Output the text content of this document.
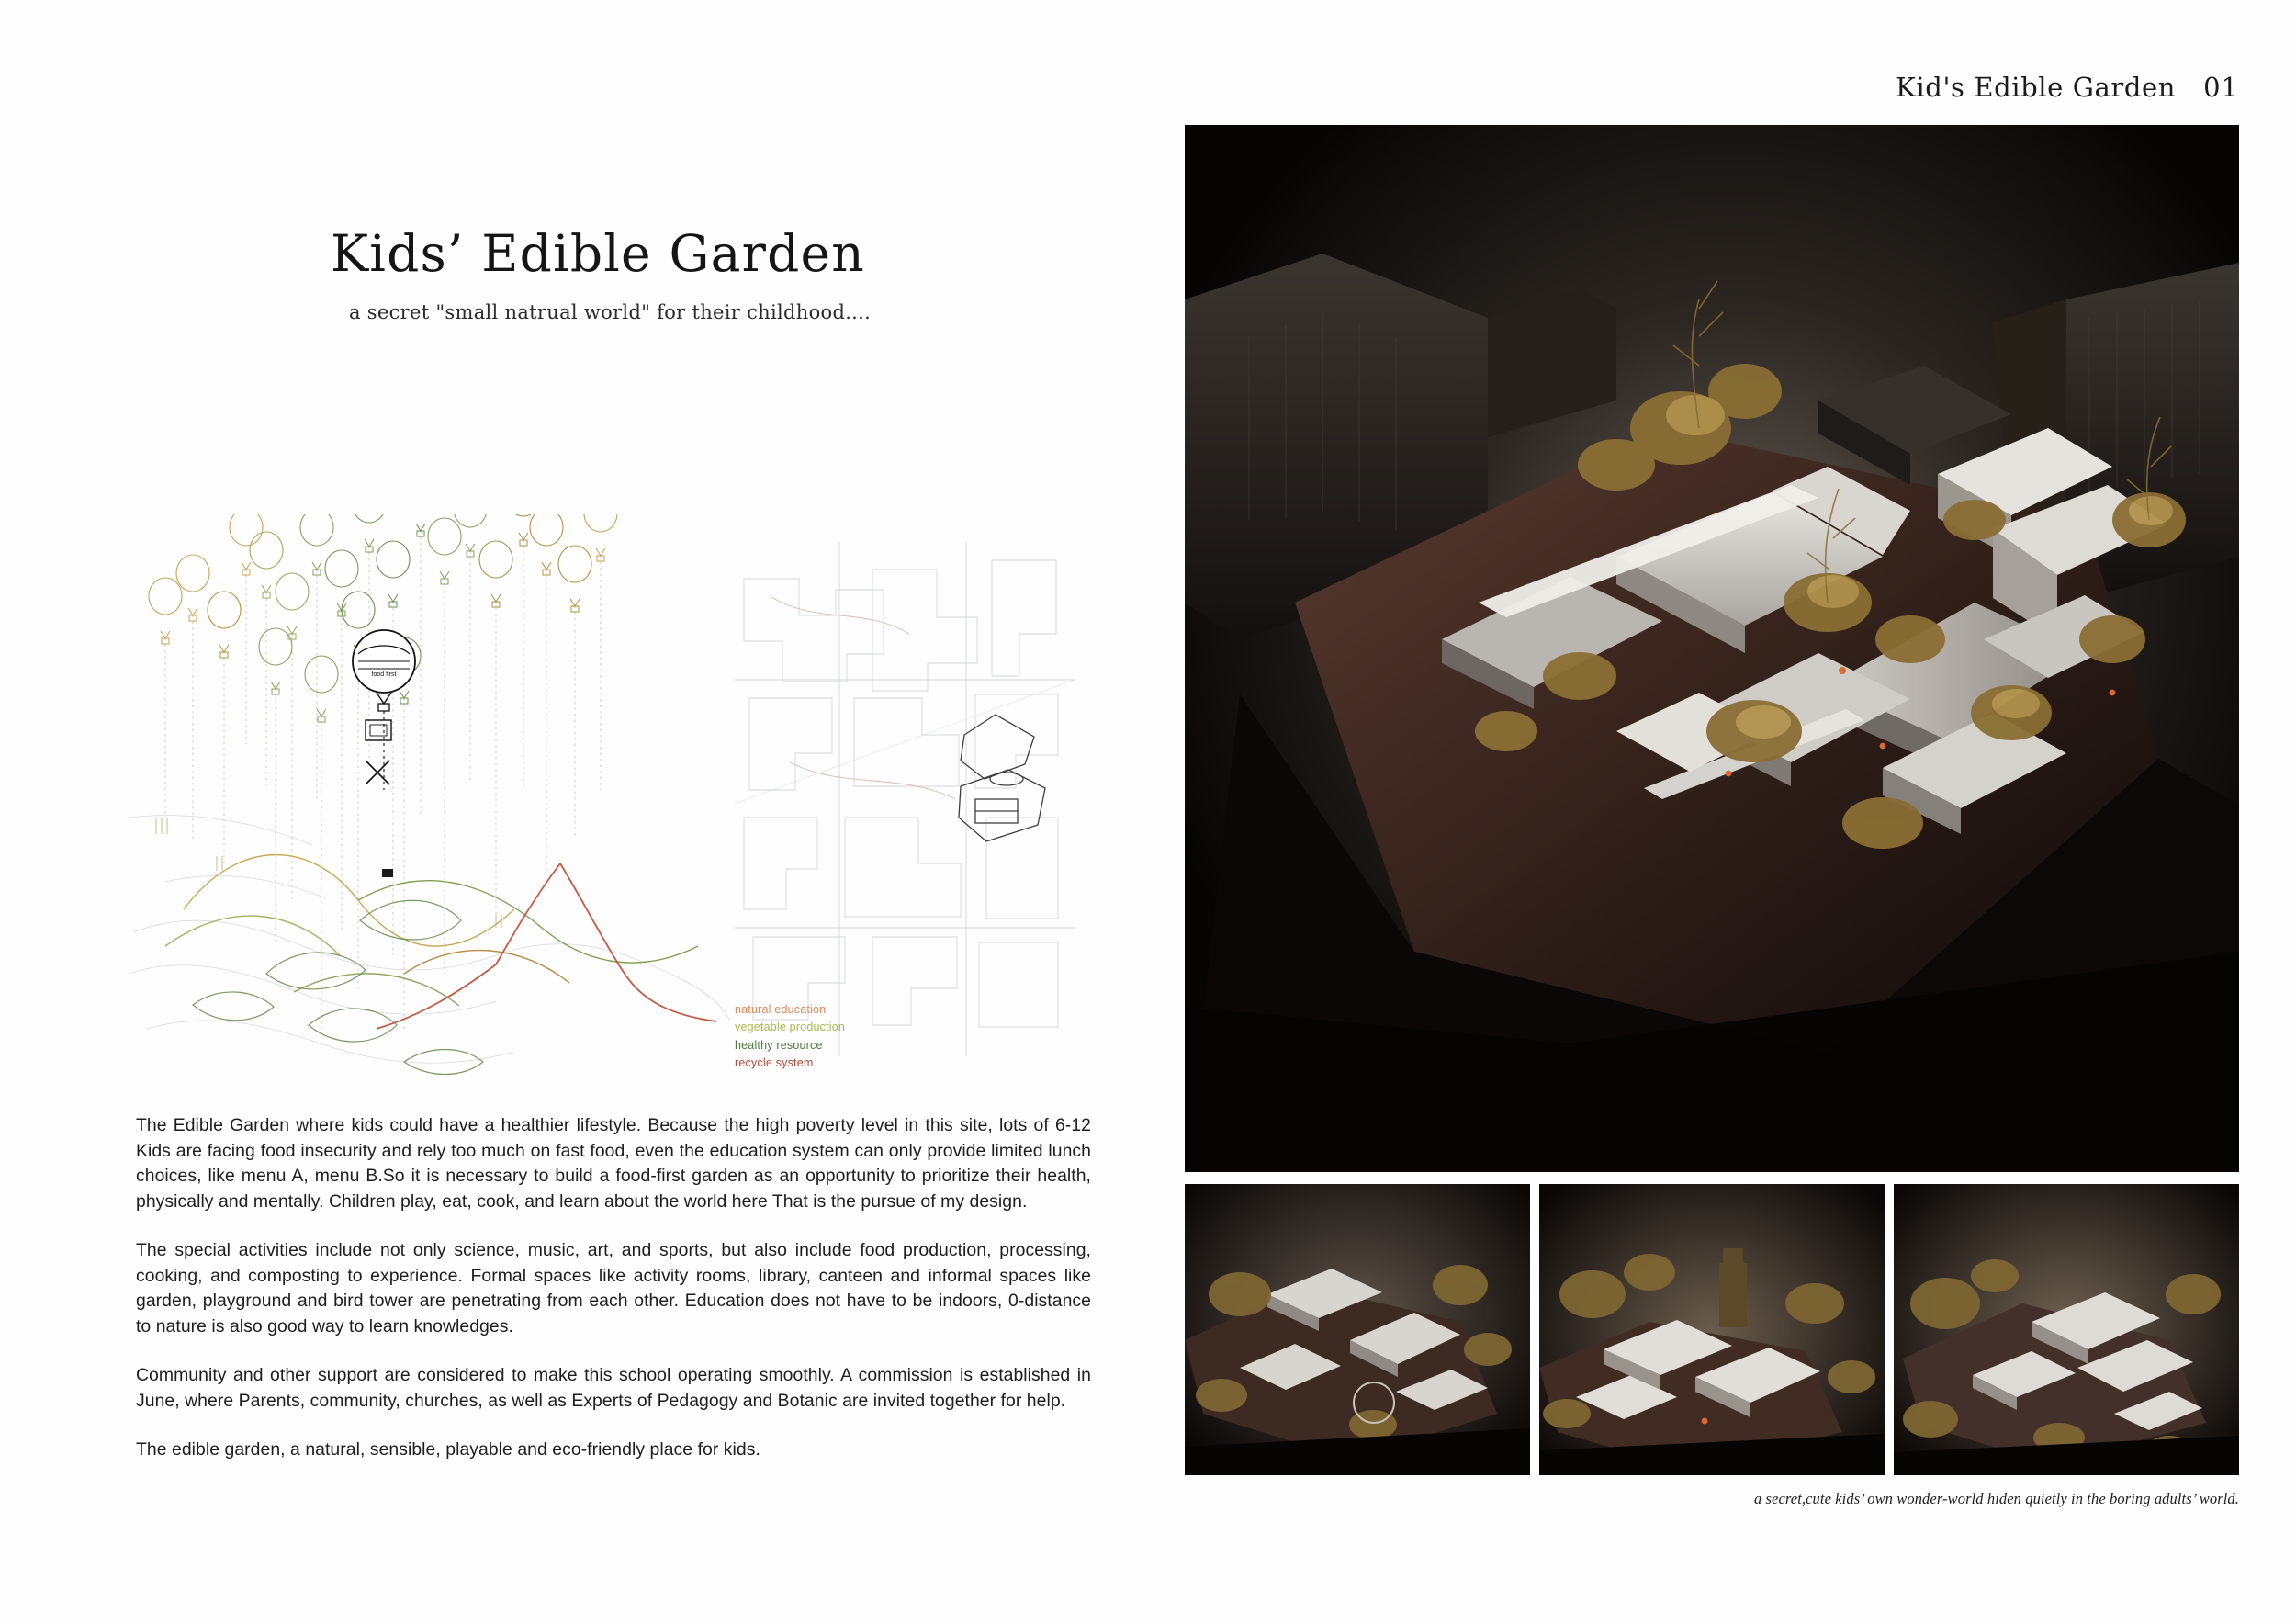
Kid's Edible Garden 01
Kids’ Edible Garden
a secret "small natrual world" for their childhood....
food first
natural education
vegetable production
healthy resource
recycle system

The Edible Garden where kids could have a healthier lifestyle. Because the high poverty level in this site, lots of 6-12 Kids are facing food insecurity and rely too much on fast food, even the education system can only provide limited lunch choices, like menu A, menu B.So it is necessary to build a food-first garden as an opportunity to prioritize their health, physically and mentally. Children play, eat, cook, and learn about the world here That is the pursue of my design.

The special activities include not only science, music, art, and sports, but also include food production, processing, cooking, and composting to experience. Formal spaces like activity rooms, library, canteen and informal spaces like garden, playground and bird tower are penetrating from each other. Education does not have to be indoors, 0-distance to nature is also good way to learn knowledges.

Community and other support are considered to make this school operating smoothly. A commission is established in June, where Parents, community, churches, as well as Experts of Pedagogy and Botanic are invited together for help.

The edible garden, a natural, sensible, playable and eco-friendly place for kids.

a secret,cute kids’ own wonder-world hiden quietly in the boring adults’ world.
